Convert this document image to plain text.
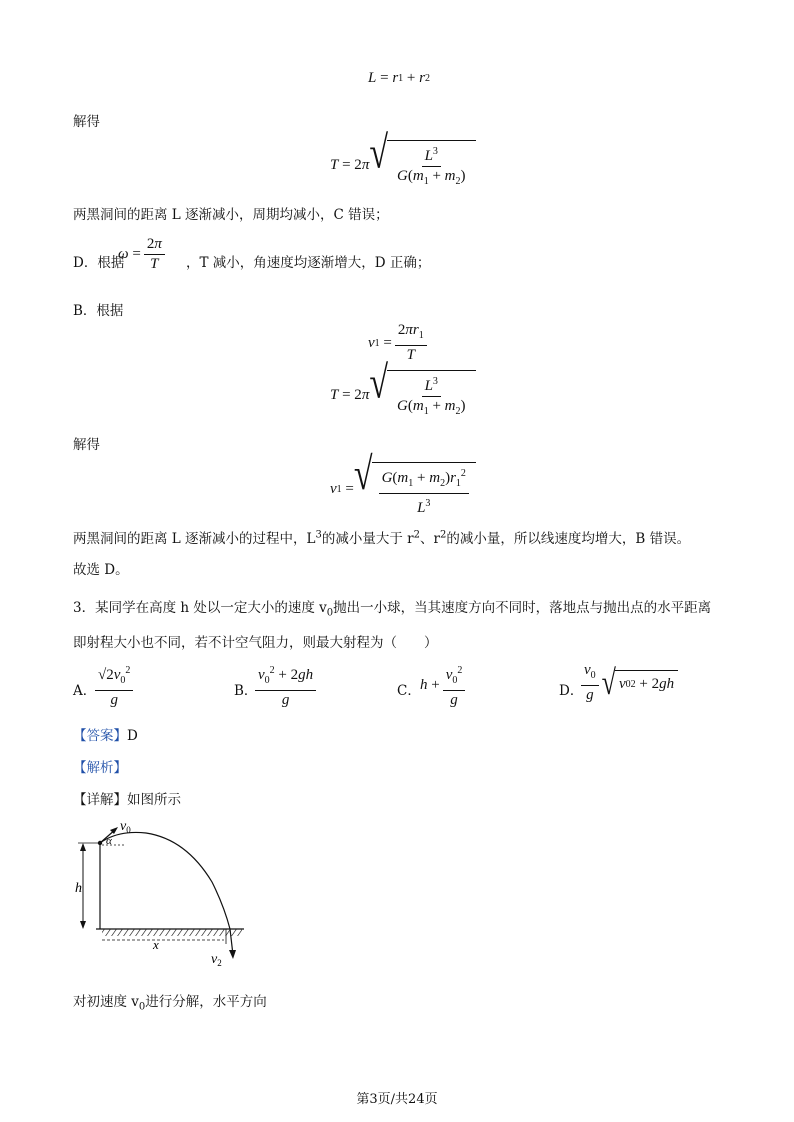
L = r 1 + r 2
解得
T = 2 π √ $\frac{L^3}{G(m_1 + m_2)}$
两黑洞间的距离 L 逐渐减小，周期均减小，C 错误；
D．根据
$\omega = \frac{2\pi}{T}$ ，T 减小，角速度均逐渐增大，D 正确；
B．根据
v $1 = \frac{2\pi r_1}{T}$
T = 2 π √ $\frac{L^3}{G(m_1 + m_2)}$
解得
v 1 = √ $\frac{G(m_1 + m_2)r_1^2}{L^3}$
两黑洞间的距离 L 逐渐减小的过程中，$L^3$的减小量大于 $r^2$、$r^2$的减小量，所以线速度均增大，B 错误。
故选 D。
3．某同学在高度 h 处以一定大小的速度 $v_0$抛出一小球，当其速度方向不同时，落地点与抛出点的水平距离
即射程大小也不同，若不计空气阻力，则最大射程为（　　）
A．
$\frac{√2v_0^2}{g}$	B．
$\frac{v_0^2 + 2gh}{g}$	C． $h + \frac{v_0^2}{g}$	D．
$\frac{v_0}{g}$ √ v 0 2 + 2 gh
【答案】D
【解析】
【详解】如图所示
$v_0$
α
h
x
$v_2$
对初速度 $v_0$进行分解，水平方向
第3页/共24页
